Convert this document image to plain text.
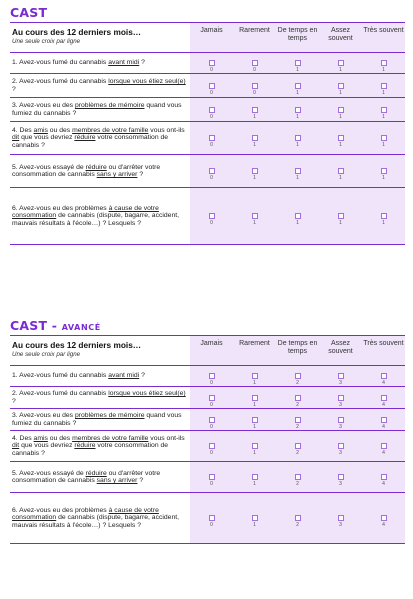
CAST
Au cours des 12 derniers mois…
Une seule croix par ligne	Jamais	Rarement	De temps en temps	Assez souvent	Très souvent
1. Avez-vous fumé du cannabis avant midi ?	0	0	1	1	1

2. Avez-vous fumé du cannabis lorsque vous étiez seul(e) ?	0	0	1	1	1

3. Avez-vous eu des problèmes de mémoire quand vous fumiez du cannabis ?	0	1	1	1	1

4. Des amis ou des membres de votre famille vous ont-ils dit que vous devriez réduire votre consommation de cannabis ?	0	1	1	1	1

5. Avez-vous essayé de réduire ou d'arrêter votre consommation de cannabis sans y arriver ?	0	1	1	1	1

6. Avez-vous eu des problèmes à cause de votre consommation de cannabis (dispute, bagarre, accident, mauvais résultats à l'école…) ? Lesquels ?	0	1	1	1	1
CAST - AVANCÉ
Au cours des 12 derniers mois…
Une seule croix par ligne	Jamais	Rarement	De temps en temps	Assez souvent	Très souvent
1. Avez-vous fumé du cannabis avant midi ?	0	1	2	3	4

2. Avez-vous fumé du cannabis lorsque vous étiez seul(e) ?	0	1	2	3	4

3. Avez-vous eu des problèmes de mémoire quand vous fumiez du cannabis ?	0	1	2	3	4

4. Des amis ou des membres de votre famille vous ont-ils dit que vous devriez réduire votre consommation de cannabis ?	0	1	2	3	4

5. Avez-vous essayé de réduire ou d'arrêter votre consommation de cannabis sans y arriver ?	0	1	2	3	4

6. Avez-vous eu des problèmes à cause de votre consommation de cannabis (dispute, bagarre, accident, mauvais résultats à l'école…) ? Lesquels ?	0	1	2	3	4
